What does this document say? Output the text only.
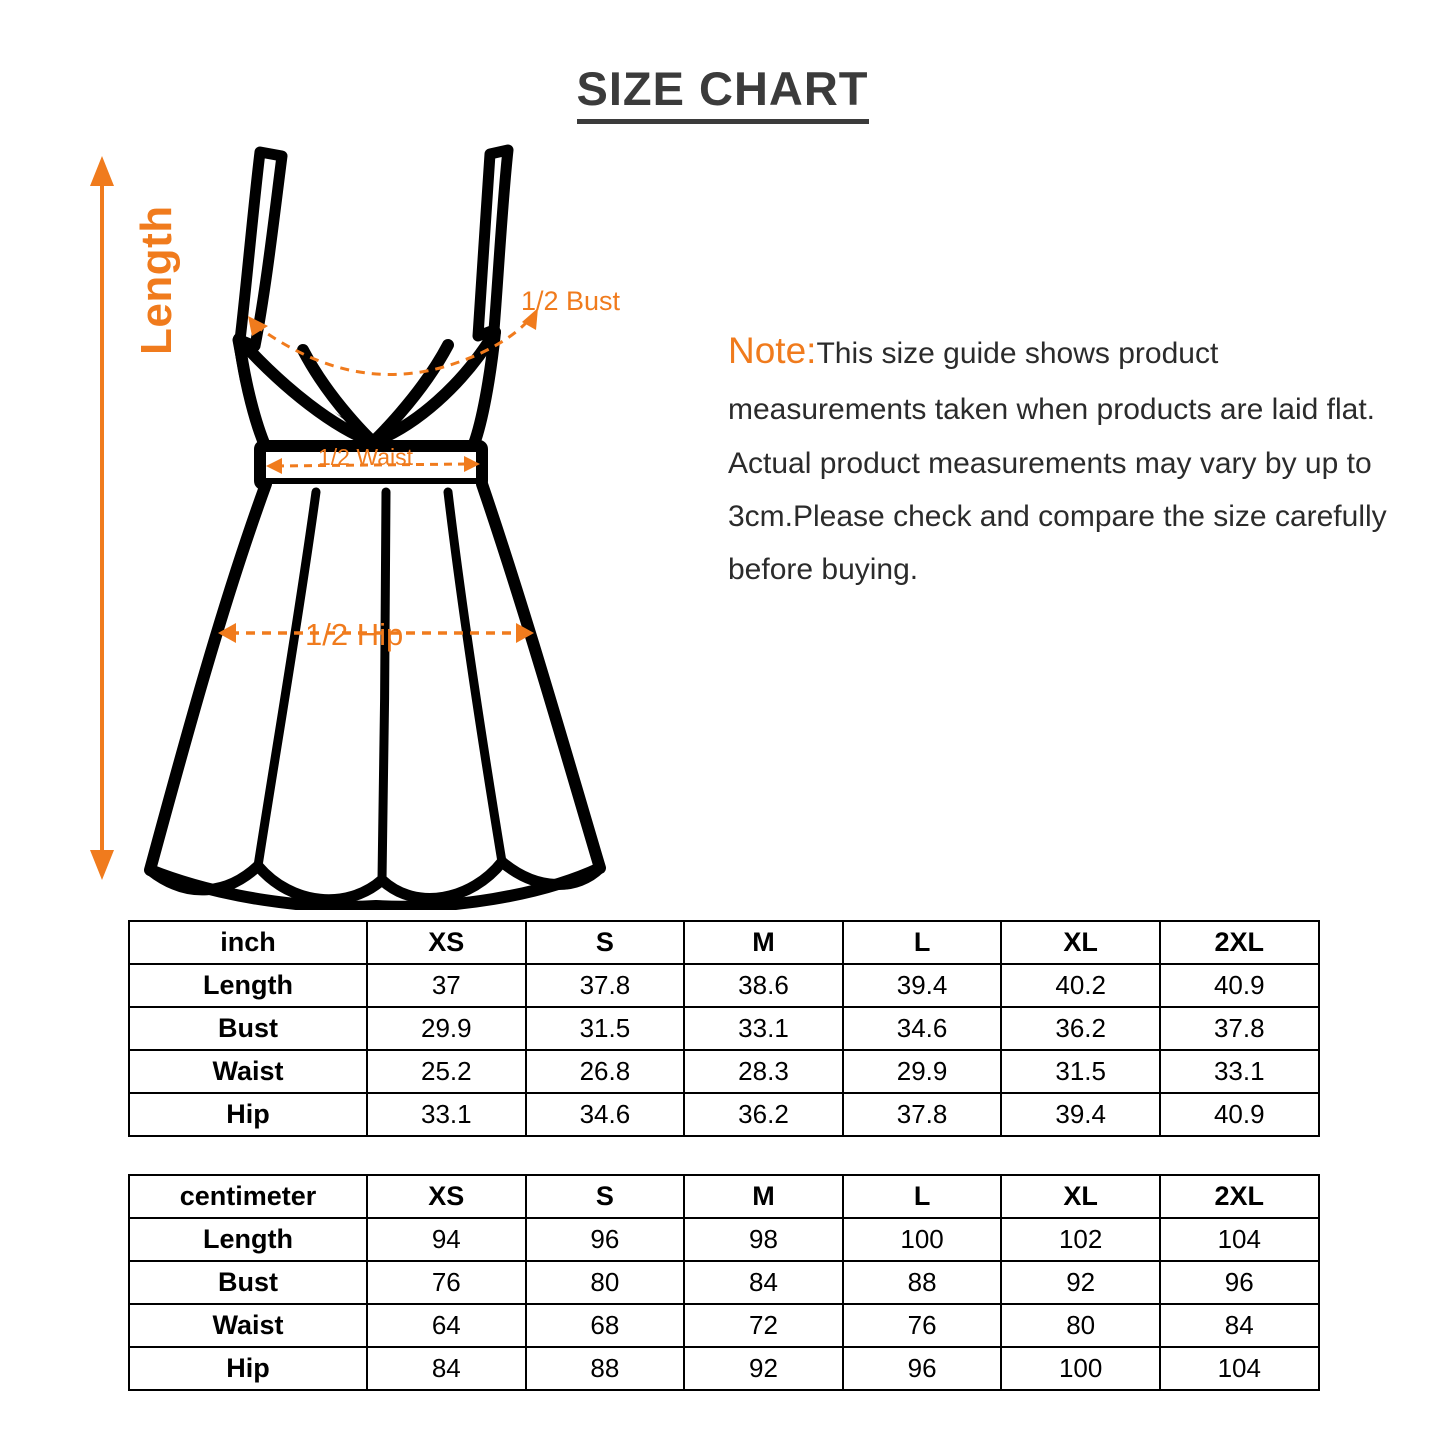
SIZE CHART
Length	1/2 Bust
1/2 Waist
1/2 Hip
Note:This size guide shows product measurements taken when products are laid flat. Actual product measurements may vary by up to 3cm.Please check and compare the size carefully before buying.
inch	XS	S	M	L	XL	2XL
Length	37	37.8	38.6	39.4	40.2	40.9
Bust	29.9	31.5	33.1	34.6	36.2	37.8
Waist	25.2	26.8	28.3	29.9	31.5	33.1
Hip	33.1	34.6	36.2	37.8	39.4	40.9
centimeter	XS	S	M	L	XL	2XL
Length	94	96	98	100	102	104
Bust	76	80	84	88	92	96
Waist	64	68	72	76	80	84
Hip	84	88	92	96	100	104
